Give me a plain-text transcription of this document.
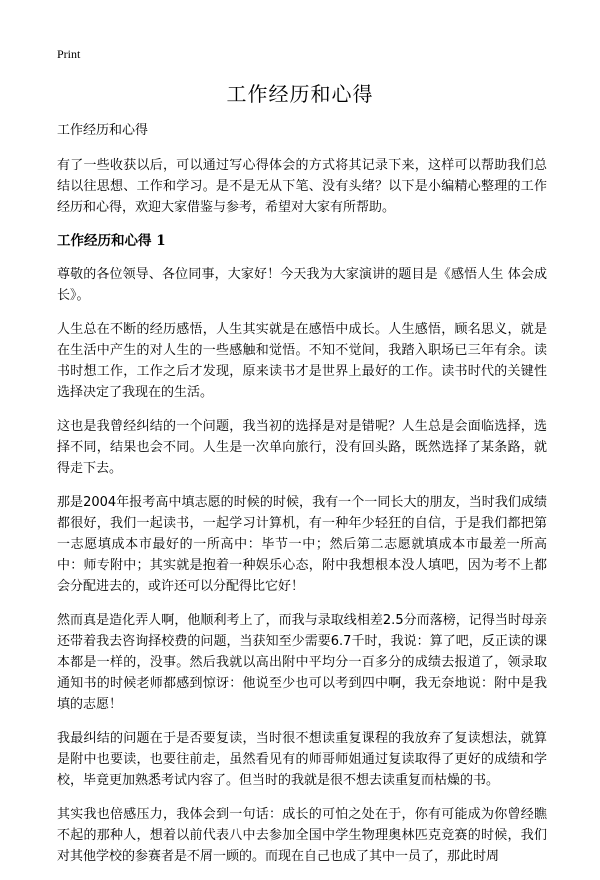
Print
工作经历和心得

工作经历和心得

有了一些收获以后，可以通过写心得体会的方式将其记录下来，这样可以帮助我们总结以往思想、工作和学习。是不是无从下笔、没有头绪？以下是小编精心整理的工作经历和心得，欢迎大家借鉴与参考，希望对大家有所帮助。

工作经历和心得 1

尊敬的各位领导、各位同事，大家好！今天我为大家演讲的题目是《感悟人生 体会成长》。

人生总在不断的经历感悟，人生其实就是在感悟中成长。人生感悟，顾名思义，就是在生活中产生的对人生的一些感触和觉悟。不知不觉间，我踏入职场已三年有余。读书时想工作，工作之后才发现，原来读书才是世界上最好的工作。读书时代的关键性选择决定了我现在的生活。

这也是我曾经纠结的一个问题，我当初的选择是对是错呢？人生总是会面临选择，选择不同，结果也会不同。人生是一次单向旅行，没有回头路，既然选择了某条路，就得走下去。

那是2004年报考高中填志愿的时候的时候，我有一个一同长大的朋友，当时我们成绩都很好，我们一起读书，一起学习计算机，有一种年少轻狂的自信，于是我们都把第一志愿填成本市最好的一所高中：毕节一中；然后第二志愿就填成本市最差一所高中：师专附中；其实就是抱着一种娱乐心态，附中我想根本没人填吧，因为考不上都会分配进去的，或许还可以分配得比它好！

然而真是造化弄人啊，他顺利考上了，而我与录取线相差2.5分而落榜，记得当时母亲还带着我去咨询择校费的问题，当获知至少需要6.7千时，我说：算了吧，反正读的课本都是一样的，没事。然后我就以高出附中平均分一百多分的成绩去报道了，领录取通知书的时候老师都感到惊讶：他说至少也可以考到四中啊，我无奈地说：附中是我填的志愿！

我最纠结的问题在于是否要复读，当时很不想读重复课程的我放弃了复读想法，就算是附中也要读，也要往前走，虽然看见有的师哥师姐通过复读取得了更好的成绩和学校，毕竟更加熟悉考试内容了。但当时的我就是很不想去读重复而枯燥的书。

其实我也倍感压力，我体会到一句话：成长的可怕之处在于，你有可能成为你曾经瞧不起的那种人，想着以前代表八中去参加全国中学生物理奥林匹克竞赛的时候，我们对其他学校的参赛者是不屑一顾的。而现在自己也成了其中一员了，那此时周
